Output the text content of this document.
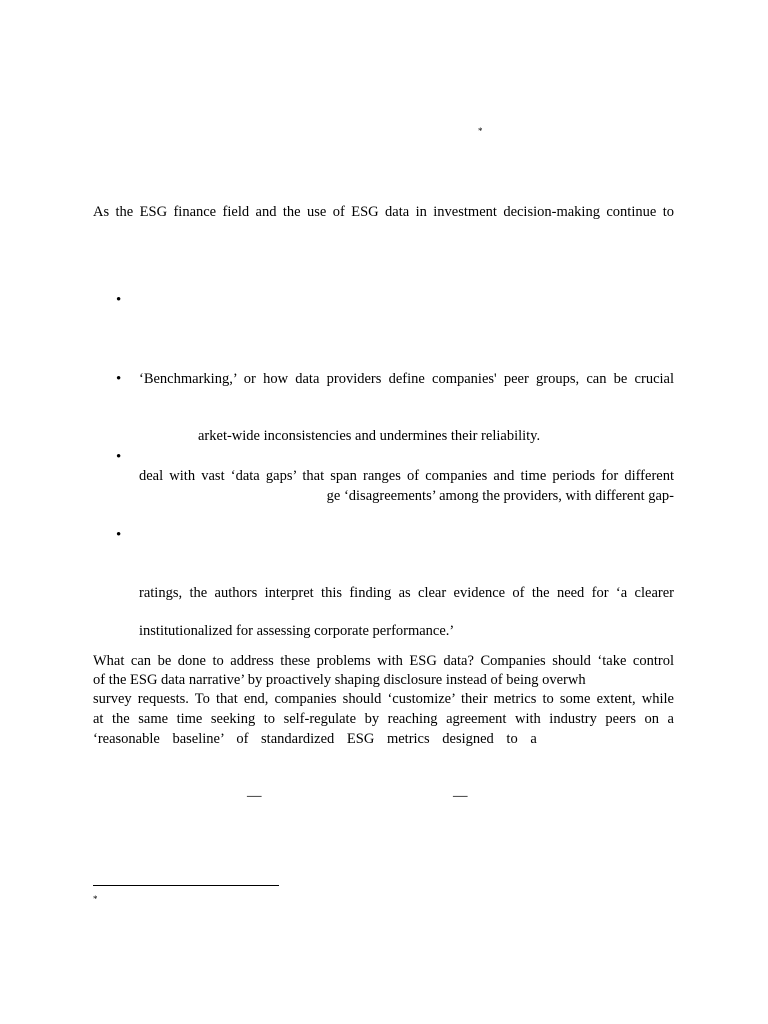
*
As the ESG finance field and the use of ESG data in investment decision-making continue to
•
• ‘Benchmarking,’ or how data providers define companies' peer groups, can be crucial
arket-wide inconsistencies and undermines their reliability.
•
deal with vast ‘data gaps’ that span ranges of companies and time periods for different
ge ‘disagreements’ among the providers, with different gap-
•
ratings, the authors interpret this finding as clear evidence of the need for ‘a clearer
institutionalized for assessing corporate performance.’
What can be done to address these problems with ESG data? Companies should ‘take control
of the ESG data narrative’ by proactively shaping disclosure instead of being overwh
survey requests. To that end, companies should ‘customize’ their metrics to some extent, while
at the same time seeking to self-regulate by reaching agreement with industry peers on a
‘reasonable baseline’ of standardized ESG metrics designed to a
—	—
*
